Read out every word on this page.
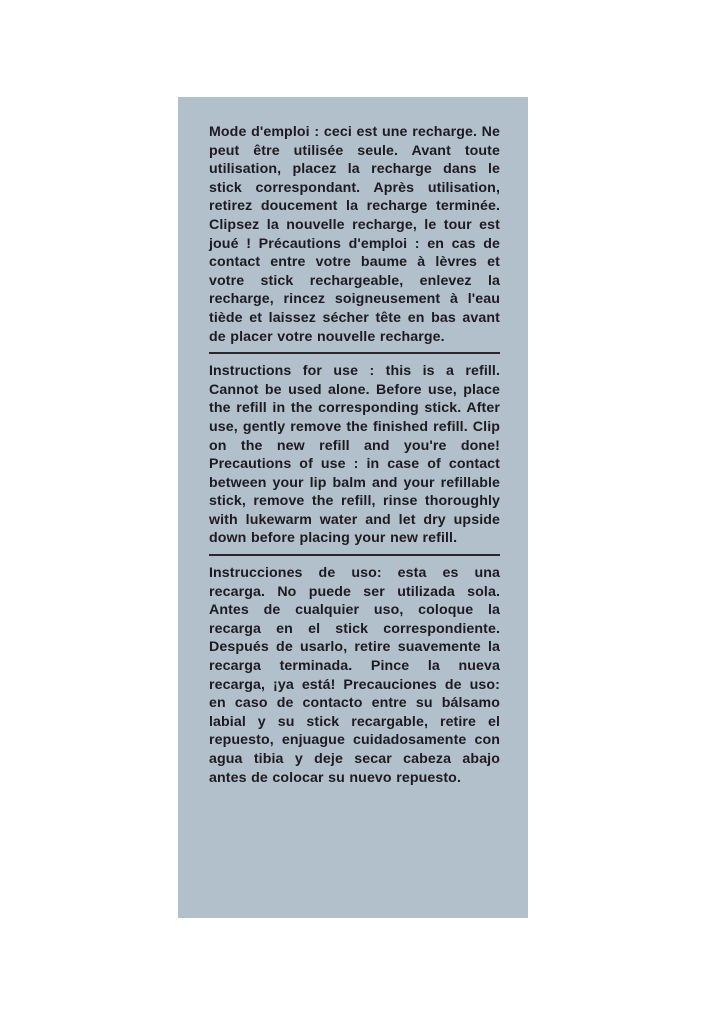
Mode d'emploi : ceci est une recharge. Ne peut être utilisée seule. Avant toute utilisation, placez la recharge dans le stick correspondant. Après utilisation, retirez doucement la recharge terminée. Clipsez la nouvelle recharge, le tour est joué ! Précautions d'emploi : en cas de contact entre votre baume à lèvres et votre stick rechargeable, enlevez la recharge, rincez soigneusement à l'eau tiède et laissez sécher tête en bas avant de placer votre nouvelle recharge.

Instructions for use : this is a refill. Cannot be used alone. Before use, place the refill in the corresponding stick. After use, gently remove the finished refill. Clip on the new refill and you're done! Precautions of use : in case of contact between your lip balm and your refillable stick, remove the refill, rinse thoroughly with lukewarm water and let dry upside down before placing your new refill.

Instrucciones de uso: esta es una recarga. No puede ser utilizada sola. Antes de cualquier uso, coloque la recarga en el stick correspondiente. Después de usarlo, retire suavemente la recarga terminada. Pince la nueva recarga, ¡ya está! Precauciones de uso: en caso de contacto entre su bálsamo labial y su stick recargable, retire el repuesto, enjuague cuidadosamente con agua tibia y deje secar cabeza abajo antes de colocar su nuevo repuesto.
